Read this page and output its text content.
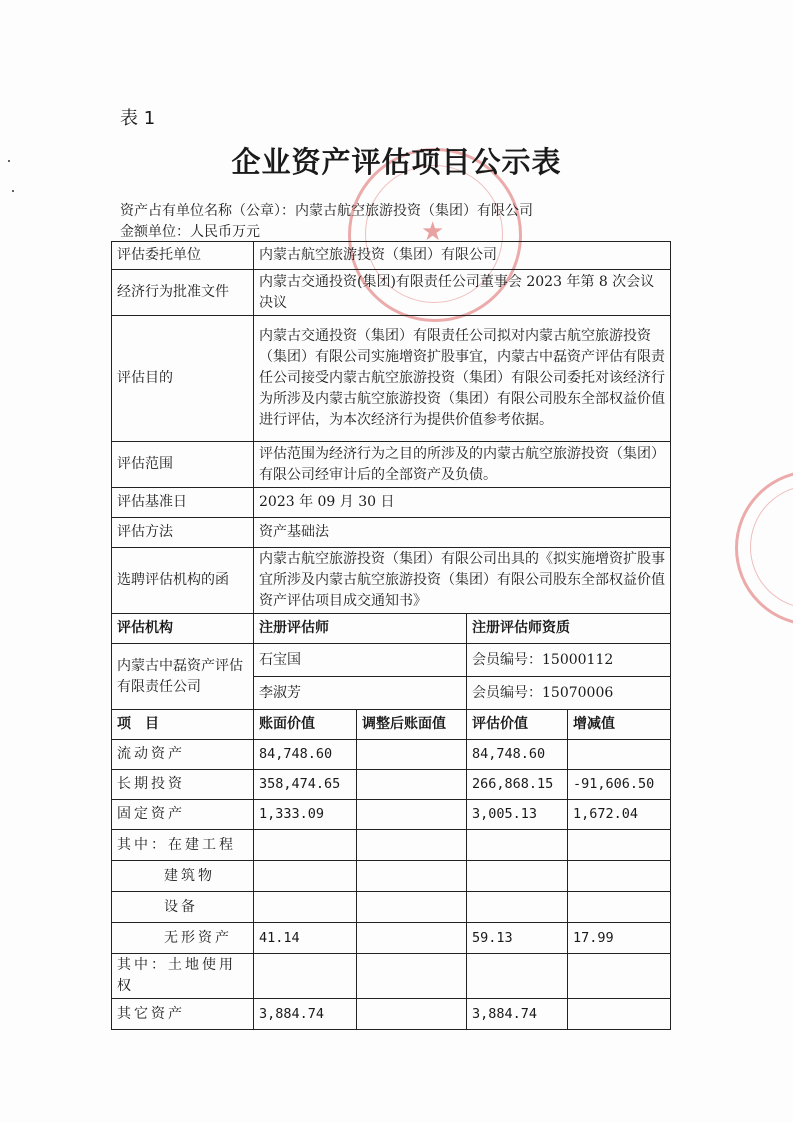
★
表 1
企业资产评估项目公示表
资产占有单位名称（公章）：内蒙古航空旅游投资（集团）有限公司
金额单位：人民币万元
评估委托单位	内蒙古航空旅游投资（集团）有限公司			
经济行为批准文件	内蒙古交通投资(集团)有限责任公司董事会 2023 年第 8 次会议决议			
评估目的	内蒙古交通投资（集团）有限责任公司拟对内蒙古航空旅游投资（集团）有限公司实施增资扩股事宜，内蒙古中磊资产评估有限责任公司接受内蒙古航空旅游投资（集团）有限公司委托对该经济行为所涉及内蒙古航空旅游投资（集团）有限公司股东全部权益价值进行评估，为本次经济行为提供价值参考依据。			
评估范围	评估范围为经济行为之目的所涉及的内蒙古航空旅游投资（集团）有限公司经审计后的全部资产及负债。			
评估基准日	2023 年 09 月 30 日			
评估方法	资产基础法			
选聘评估机构的函	内蒙古航空旅游投资（集团）有限公司出具的《拟实施增资扩股事宜所涉及内蒙古航空旅游投资（集团）有限公司股东全部权益价值资产评估项目成交通知书》			
评估机构	注册评估师		注册评估师资质	
内蒙古中磊资产评估有限责任公司	石宝国		会员编号：15000112	
	李淑芳		会员编号：15070006	
项　目	账面价值	调整后账面值	评估价值	增减值
流动资产	84,748.60		84,748.60	
长期投资	358,474.65		266,868.15	-91,606.50
固定资产	1,333.09		3,005.13	1,672.04
其中：在建工程				
建筑物				
设备				
无形资产	41.14		59.13	17.99
其中：土地使用权				
其它资产	3,884.74		3,884.74	
